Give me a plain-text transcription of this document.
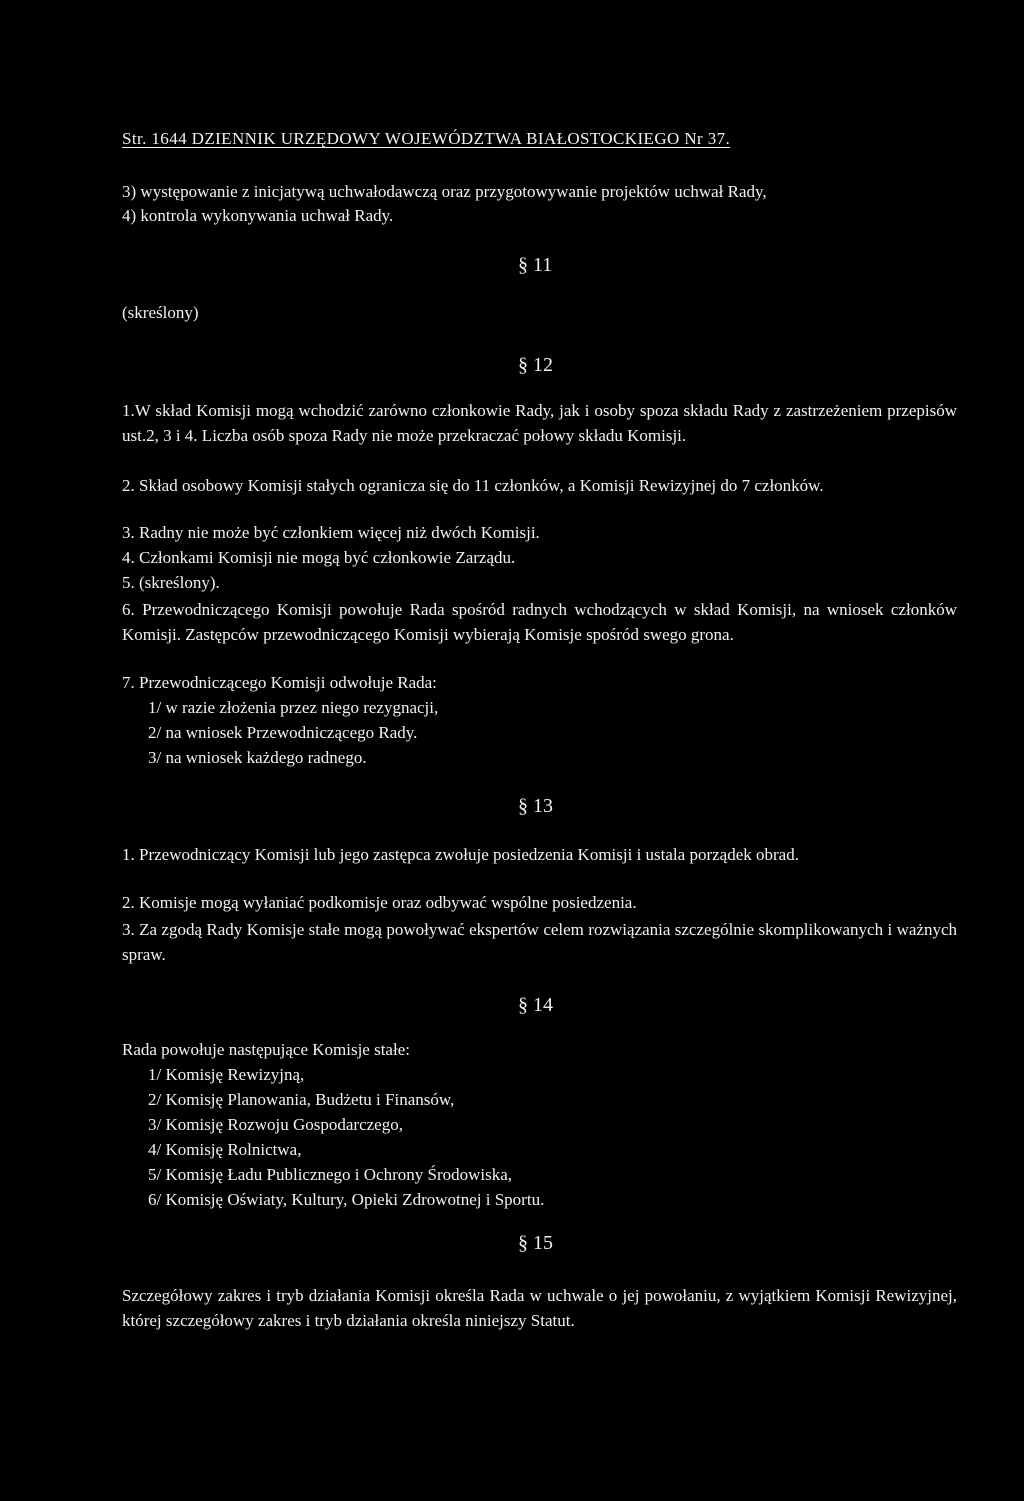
Str. 1644 DZIENNIK URZĘDOWY WOJEWÓDZTWA BIAŁOSTOCKIEGO Nr 37.
3) występowanie z inicjatywą uchwałodawczą oraz przygotowywanie projektów uchwał Rady,
4) kontrola wykonywania uchwał Rady.
§ 11
(skreślony)
§ 12
1.W skład Komisji mogą wchodzić zarówno członkowie Rady, jak i osoby spoza składu Rady z zastrzeżeniem przepisów ust.2, 3 i 4. Liczba osób spoza Rady nie może przekraczać połowy składu Komisji.
2. Skład osobowy Komisji stałych ogranicza się do 11 członków, a Komisji Rewizyjnej do 7 członków.
3. Radny nie może być członkiem więcej niż dwóch Komisji.
4. Członkami Komisji nie mogą być członkowie Zarządu.
5. (skreślony).
6. Przewodniczącego Komisji powołuje Rada spośród radnych wchodzących w skład Komisji, na wniosek członków Komisji. Zastępców przewodniczącego Komisji wybierają Komisje spośród swego grona.
7. Przewodniczącego Komisji odwołuje Rada:
1/ w razie złożenia przez niego rezygnacji,
2/ na wniosek Przewodniczącego Rady.
3/ na wniosek każdego radnego.
§ 13
1. Przewodniczący Komisji lub jego zastępca zwołuje posiedzenia Komisji i ustala porządek obrad.
2. Komisje mogą wyłaniać podkomisje oraz odbywać wspólne posiedzenia.
3. Za zgodą Rady Komisje stałe mogą powoływać ekspertów celem rozwiązania szczególnie skomplikowanych i ważnych spraw.
§ 14
Rada powołuje następujące Komisje stałe:
1/ Komisję Rewizyjną,
2/ Komisję Planowania, Budżetu i Finansów,
3/ Komisję Rozwoju Gospodarczego,
4/ Komisję Rolnictwa,
5/ Komisję Ładu Publicznego i Ochrony Środowiska,
6/ Komisję Oświaty, Kultury, Opieki Zdrowotnej i Sportu.
§ 15
Szczegółowy zakres i tryb działania Komisji określa Rada w uchwale o jej powołaniu, z wyjątkiem Komisji Rewizyjnej, której szczegółowy zakres i tryb działania określa niniejszy Statut.
